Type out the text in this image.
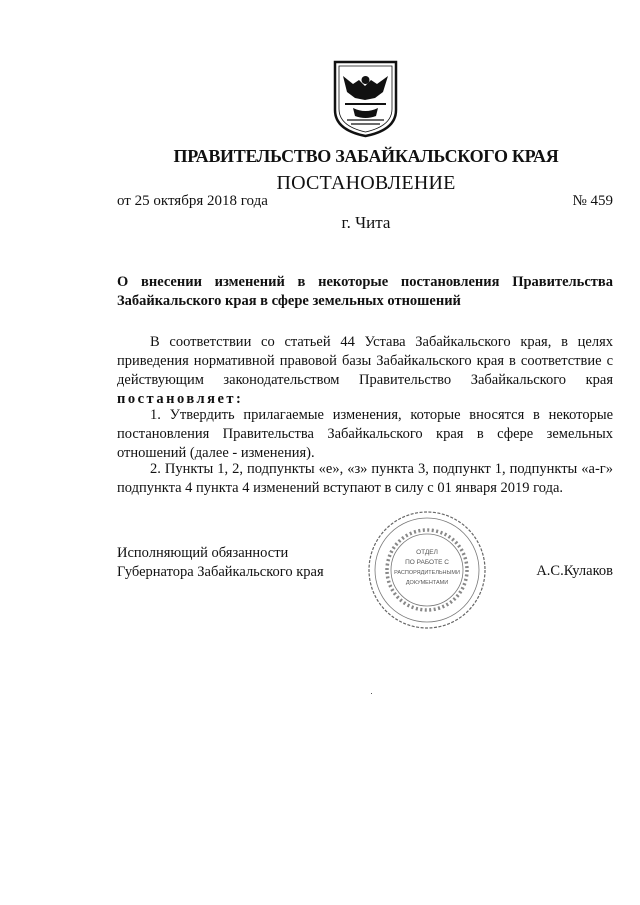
ПРАВИТЕЛЬСТВО ЗАБАЙКАЛЬСКОГО КРАЯ
ПОСТАНОВЛЕНИЕ
от 25 октября 2018 года	№ 459
г. Чита
О внесении изменений в некоторые постановления Правительства Забайкальского края в сфере земельных отношений
В соответствии со статьей 44 Устава Забайкальского края, в целях приведения нормативной правовой базы Забайкальского края в соответствие с действующим законодательством Правительство Забайкальского края постановляет:
1. Утвердить прилагаемые изменения, которые вносятся в некоторые постановления Правительства Забайкальского края в сфере земельных отношений (далее - изменения).
2. Пункты 1, 2, подпункты «е», «з» пункта 3, подпункт 1, подпункты «а-г» подпункта 4 пункта 4 изменений вступают в силу с 01 января 2019 года.
Исполняющий обязанности
Губернатора Забайкальского края	А.С.Кулаков
ОТДЕЛ
ПО РАБОТЕ С
РАСПОРЯДИТЕЛЬНЫМИ
ДОКУМЕНТАМИ
